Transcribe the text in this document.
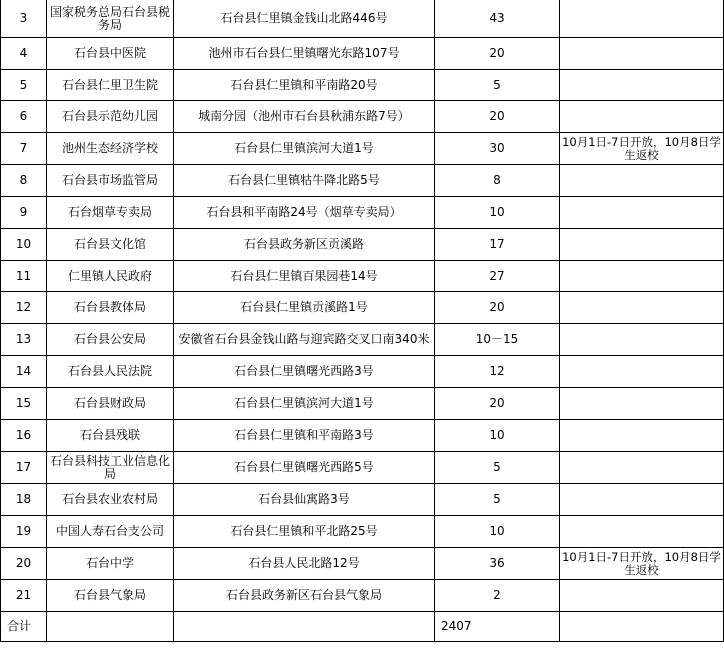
3	国家税务总局石台县税务局	石台县仁里镇金钱山北路446号	43	
4	石台县中医院	池州市石台县仁里镇曙光东路107号	20	
5	石台县仁里卫生院	石台县仁里镇和平南路20号	5	
6	石台县示范幼儿园	城南分园（池州市石台县秋浦东路7号）	20	
7	池州生态经济学校	石台县仁里镇滨河大道1号	30	10月1日-7日开放，10月8日学生返校
8	石台县市场监管局	石台县仁里镇牯牛降北路5号	8	
9	石台烟草专卖局	石台县和平南路24号（烟草专卖局）	10	
10	石台县文化馆	石台县政务新区贡溪路	17	
11	仁里镇人民政府	石台县仁里镇百果园巷14号	27	
12	石台县教体局	石台县仁里镇贡溪路1号	20	
13	石台县公安局	安徽省石台县金钱山路与迎宾路交叉口南340米	10－15	
14	石台县人民法院	石台县仁里镇曙光西路3号	12	
15	石台县财政局	石台县仁里镇滨河大道1号	20	
16	石台县残联	石台县仁里镇和平南路3号	10	
17	石台县科技工业信息化局	石台县仁里镇曙光西路5号	5	
18	石台县农业农村局	石台县仙寓路3号	5	
19	中国人寿石台支公司	石台县仁里镇和平北路25号	10	
20	石台中学	石台县人民北路12号	36	10月1日-7日开放，10月8日学生返校
21	石台县气象局	石台县政务新区石台县气象局	2	
合计			2407	
